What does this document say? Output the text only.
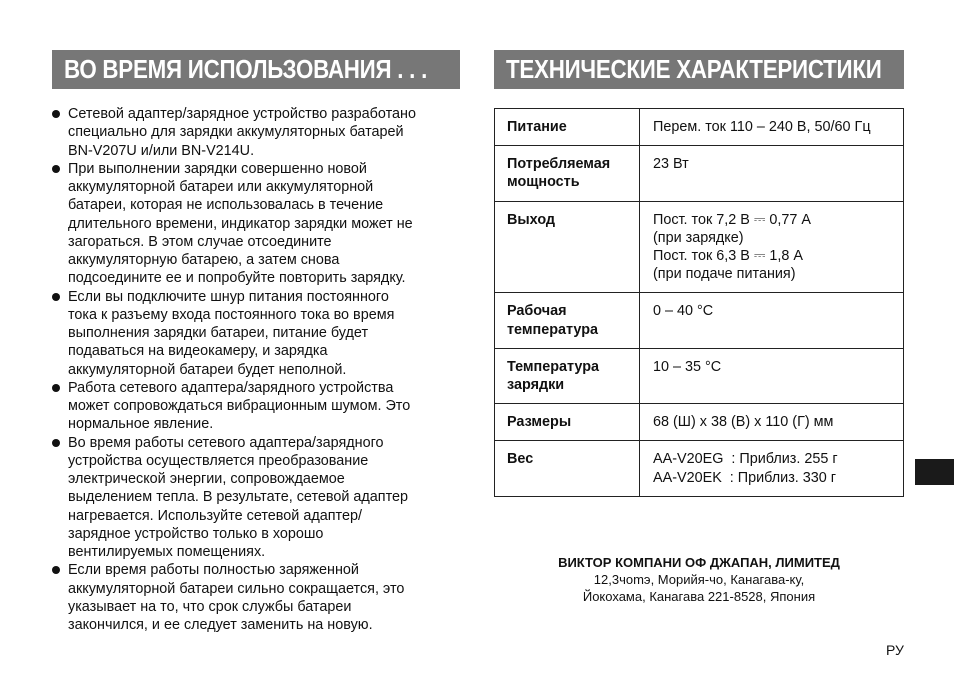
ВО ВРЕМЯ ИСПОЛЬЗОВАНИЯ . . .
Сетевой адаптер/зарядное устройство разработано
специально для зарядки аккумуляторных батарей
BN-V207U и/или BN-V214U.
При выполнении зарядки совершенно новой
аккумуляторной батареи или аккумуляторной
батареи, которая не использовалась в течение
длительного времени, индикатор зарядки может не
загораться. В этом случае отсоедините
аккумуляторную батарею, а затем снова
подсоедините ее и попробуйте повторить зарядку.
Если вы подключите шнур питания постоянного
тока к разъему входа постоянного тока во время
выполнения зарядки батареи, питание будет
подаваться на видеокамеру, и зарядка
аккумуляторной батареи будет неполной.
Работа сетевого адаптера/зарядного устройства
может сопровождаться вибрационным шумом. Это
нормальное явление.
Во время работы сетевого адаптера/зарядного
устройства осуществляется преобразование
электрической энергии, сопровождаемое
выделением тепла. В результате, сетевой адаптер
нагревается. Используйте сетевой адаптер/
зарядное устройство только в хорошо
вентилируемых помещениях.
Если время работы полностью заряженной
аккумуляторной батареи сильно сокращается, это
указывает на то, что срок службы батареи
закончился, и ее следует заменить на новую.
ТЕХНИЧЕСКИЕ ХАРАКТЕРИСТИКИ
Питание	Перем. ток 110 – 240 В, 50/60 Гц
Потребляемая
мощность	23 Вт
Выход	Пост. ток 7,2 В ⎓ 0,77 А
(при зарядке)
Пост. ток 6,3 В ⎓ 1,8 А
(при подаче питания)
Рабочая
температура	0 – 40 °C
Температура
зарядки	10 – 35 °C
Размеры	68 (Ш) x 38 (В) x 110 (Г) мм
Вес	AA-V20EG  : Приблиз. 255 г
AA-V20EK  : Приблиз. 330 г
ВИКТОР КОМПАНИ ОФ ДЖАПАН, ЛИМИТЕД
12,3чоmэ, Морийя-чо, Канагава-ку,
Йокохама, Канагава 221-8528, Япония
РУ
